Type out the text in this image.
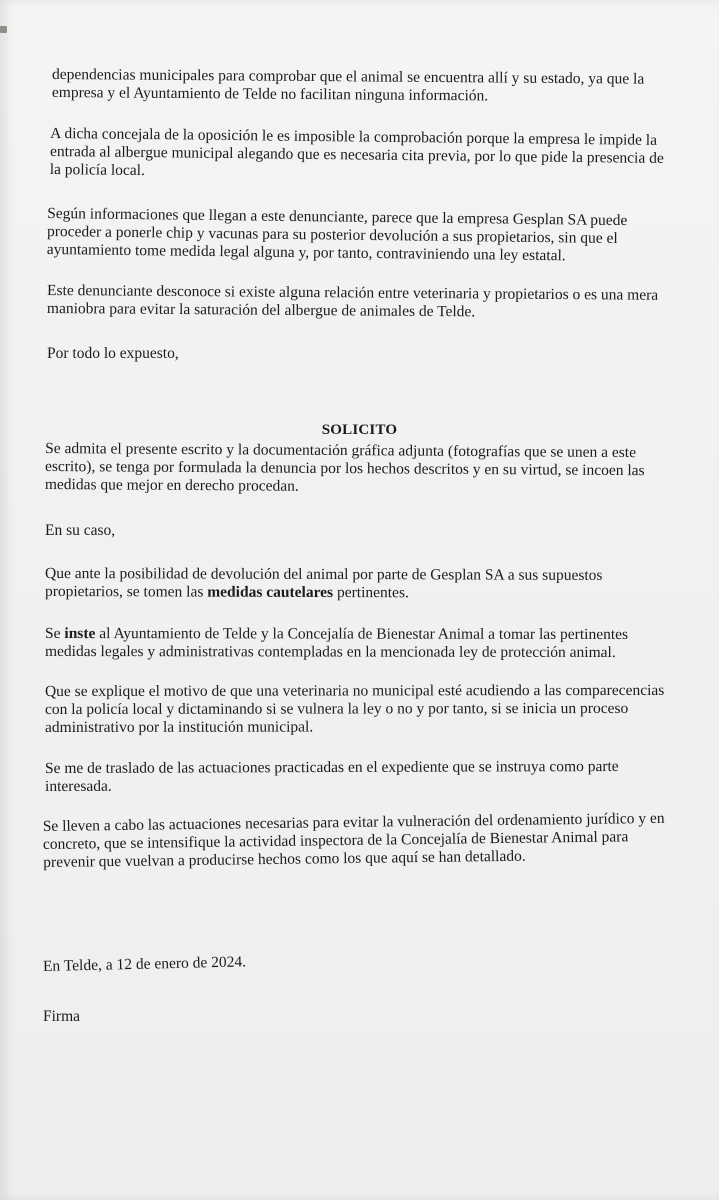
dependencias municipales para comprobar que el animal se encuentra allí y su estado, ya que la
empresa y el Ayuntamiento de Telde no facilitan ninguna información.

A dicha concejala de la oposición le es imposible la comprobación porque la empresa le impide la
entrada al albergue municipal alegando que es necesaria cita previa, por lo que pide la presencia de
la policía local.

Según informaciones que llegan a este denunciante, parece que la empresa Gesplan SA puede
proceder a ponerle chip y vacunas para su posterior devolución a sus propietarios, sin que el
ayuntamiento tome medida legal alguna y, por tanto, contraviniendo una ley estatal.

Este denunciante desconoce si existe alguna relación entre veterinaria y propietarios o es una mera
maniobra para evitar la saturación del albergue de animales de Telde.

Por todo lo expuesto,

SOLICITO

Se admita el presente escrito y la documentación gráfica adjunta (fotografías que se unen a este
escrito), se tenga por formulada la denuncia por los hechos descritos y en su virtud, se incoen las
medidas que mejor en derecho procedan.

En su caso,

Que ante la posibilidad de devolución del animal por parte de Gesplan SA a sus supuestos
propietarios, se tomen las medidas cautelares pertinentes.

Se inste al Ayuntamiento de Telde y la Concejalía de Bienestar Animal a tomar las pertinentes
medidas legales y administrativas contempladas en la mencionada ley de protección animal.

Que se explique el motivo de que una veterinaria no municipal esté acudiendo a las comparecencias
con la policía local y dictaminando si se vulnera la ley o no y por tanto, si se inicia un proceso
administrativo por la institución municipal.

Se me de traslado de las actuaciones practicadas en el expediente que se instruya como parte
interesada.

Se lleven a cabo las actuaciones necesarias para evitar la vulneración del ordenamiento jurídico y en
concreto, que se intensifique la actividad inspectora de la Concejalía de Bienestar Animal para
prevenir que vuelvan a producirse hechos como los que aquí se han detallado.

En Telde, a 12 de enero de 2024.

Firma
